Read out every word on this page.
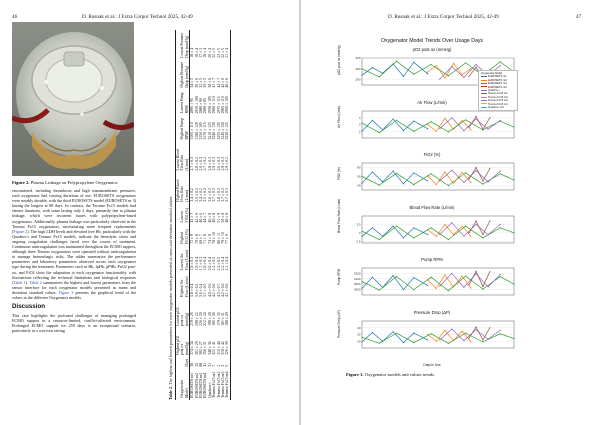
46	D. Rusnak et al.: J Extra Corpor Technol 2025, 42-49
Figure 2. Plasma Leakage on Polypropylene Oxygenator.

encountered, including thrombosis and high transmembrane pressures, each oxygenator had varying durations of use. EUROSETS oxygenators were notably durable, with the third EUROSETS model (EUROSETS nr 3) lasting the longest at 88 days. In contrast, the Terumo Fx15 models had shorter durations, with some lasting only 2 days, primarily due to plasma leakage, which were recurrent issues with polypropylene-based oxygenators. Additionally, plasma leakage was particularly observed in the Terumo Fx15 oxygenators, necessitating more frequent replacements (Figure 2). The high LDH levels and elevated free Hb, particularly with the Quadrox-i and Terumo Fx15 models, indicate the hemolytic stress and ongoing coagulation challenges faced over the course of treatment. Continuous anticoagulation was maintained throughout the ECMO support, although three Terumo oxygenators were operated without anticoagulation to manage hemorrhagic risks. The tables summarize the performance parameters and laboratory parameters observed across each oxygenator type during the treatment. Parameters such as Hb, fpHb, pFHb, PaO2 post-ox, and FiO2 show the adaptation to each oxygenator functionality, with fluctuations reflecting the technical limitations and biological responses (Table 1). Table 2 summarizes the highest and lowest parameters from the sensor interface for each oxygenator models presented as mean and deviation standard values. Figure 3 presents the graphical trend of the values in the different Oxygenator models.

Discussion

This case highlights the profound challenges of managing prolonged ECMO support in a resource-limited, conflict-affected environment. Prolonged ECMO support for 259 days is an exceptional scenario, particularly in a war-torn setting

Table 2. The highest and lowest parameters for each oxygenator models presented as mean and deviation standard values.
Oxygenator Model	Days	Highest pO2 post ox (mmHg)	Lowest pO2 post ox (mmHg)	Highest Air Flow (L/min)	Lowest Air Flow (L/min)	Highest FiO2 (%)	Lowest FiO2 (%)	Highest Blood Flow Rate (L/min)	Lowest Blood Flow Rate (L/min)	Highest Pump RPM	Lowest Pump RPM	Highest Pressure Drop (mmHg)	Lowest Pressure Drop (mmHg)
EUROSETS nr1	38	374 ± 34	219 ± 26	3.8 ± 0.4	1.8 ± 0.3	72 ± 9	43 ± 7	3.4 ± 0.2	2.7 ± 0.3	3165 ± 110	2895 ± 95	34 ± 5	18 ± 4
EUROSETS nr2	25	361 ± 29	208 ± 22	3.9 ± 0.5	1.9 ± 0.4	70 ± 8	42 ± 6	3.5 ± 0.3	2.8 ± 0.2	3180 ± 120	2910 ± 100	36 ± 6	19 ± 4
EUROSETS nr3	88	382 ± 27	226 ± 20	3.6 ± 0.4	1.7 ± 0.3	68 ± 7	40 ± 6	3.4 ± 0.2	2.6 ± 0.3	3150 ± 105	2880 ± 90	32 ± 5	17 ± 3
EUROSETS nr4	41	356 ± 31	212 ± 24	3.7 ± 0.5	1.8 ± 0.4	71 ± 8	44 ± 7	3.5 ± 0.3	2.7 ± 0.2	3170 ± 115	2900 ± 95	35 ± 5	18 ± 4
Quadrox-i	31	348 ± 36	198 ± 28	4.0 ± 0.6	2.0 ± 0.4	74 ± 9	46 ± 8	3.6 ± 0.3	2.8 ± 0.3	3210 ± 125	2930 ± 105	38 ± 6	20 ± 4
Terumo Fx15 nr1	7	322 ± 41	185 ± 30	4.2 ± 0.6	2.2 ± 0.5	78 ± 10	49 ± 8	3.7 ± 0.3	2.9 ± 0.3	3240 ± 130	2960 ± 110	41 ± 7	22 ± 5
Terumo Fx15 nr2	2	315 ± 44	179 ± 33	4.3 ± 0.7	2.3 ± 0.5	80 ± 11	51 ± 9	3.8 ± 0.3	3.0 ± 0.3	3255 ± 135	2975 ± 115	43 ± 7	23 ± 5
Terumo Fx15 nr3	3	318 ± 42	181 ± 31	4.2 ± 0.6	2.2 ± 0.4	79 ± 10	50 ± 8	3.7 ± 0.3	2.9 ± 0.3	3245 ± 130	2965 ± 110	42 ± 6	22 ± 5
Terumo Fx15 nr4	5	326 ± 39	188 ± 29	4.1 ± 0.6	2.1 ± 0.4	77 ± 9	48 ± 8	3.7 ± 0.3	2.9 ± 0.2	3230 ± 125	2950 ± 105	40 ± 6	21 ± 4
D. Rusnak et al.: J Extra Corpor Technol 2025, 42-49	47
Oxygenator Model Trends Over Usage Days
pO2 post ox (mmHg)
pO2 post ox (mmHg)
200
300
400
Air Flow (L/min)
Air Flow (L/min)
2
3
4
FiO2 (%)
FiO2 (%)
40
60
80
Blood Flow Rate (L/min)
Blood Flow Rate (L/min)
2.5
3
3.5
Pump RPM
Pump RPM
2900
3000
3100
3200
Pressure Drop (ΔP)
Pressure Drop (ΔP)
20
30
40
Oxygenator Model
EUROSETS nr1
EUROSETS nr2
EUROSETS nr3
EUROSETS nr4
Quadrox-i
Terumo Fx15 nr1
Terumo Fx15 nr2
Terumo Fx15 nr3
Terumo Fx15 nr4
Quadrox-i nr2
Days in Use
Figure 3. Oxygenator models and values trends.
